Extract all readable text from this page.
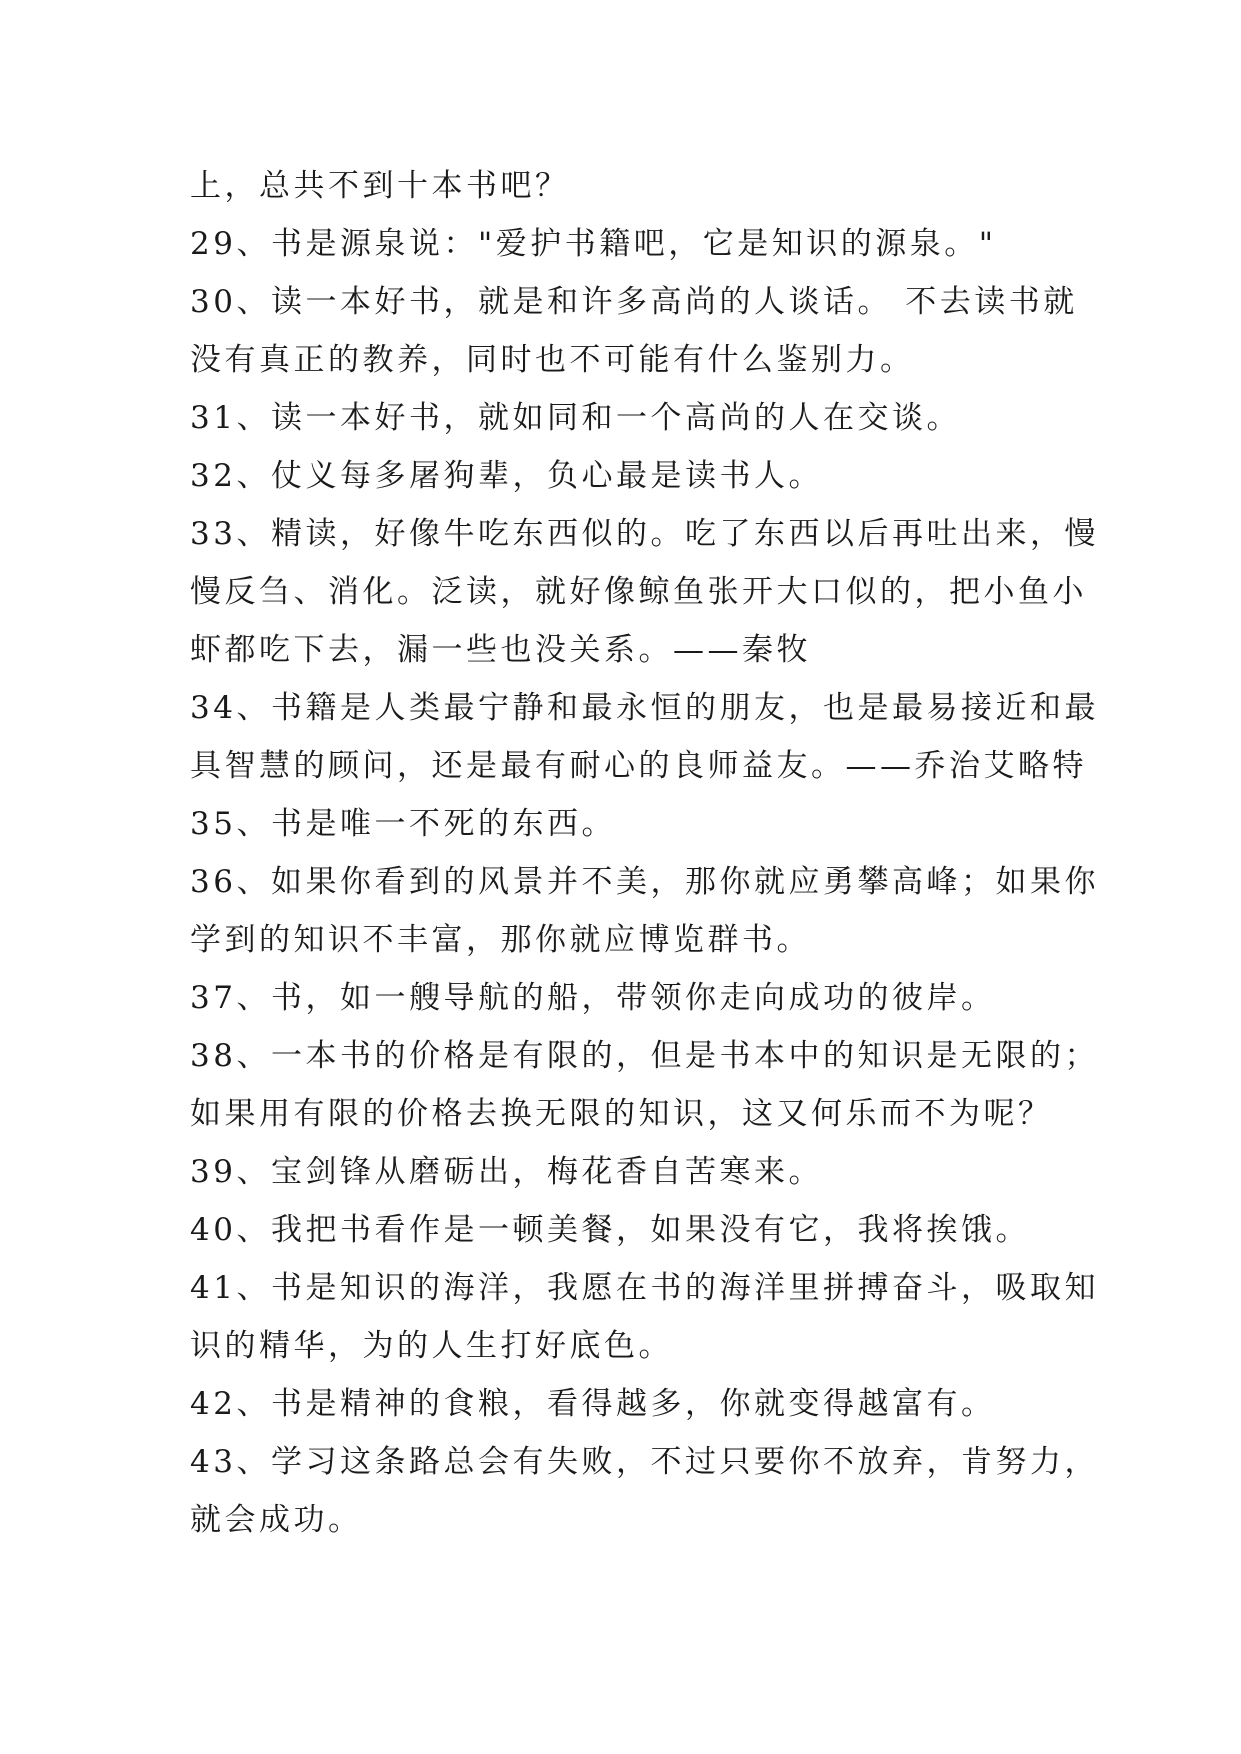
上，总共不到十本书吧？
29、书是源泉说："爱护书籍吧，它是知识的源泉。"
30、读一本好书，就是和许多高尚的人谈话。 不去读书就
没有真正的教养，同时也不可能有什么鉴别力。
31、读一本好书，就如同和一个高尚的人在交谈。
32、仗义每多屠狗辈，负心最是读书人。
33、精读，好像牛吃东西似的。吃了东西以后再吐出来，慢
慢反刍、消化。泛读，就好像鲸鱼张开大口似的，把小鱼小
虾都吃下去，漏一些也没关系。——秦牧
34、书籍是人类最宁静和最永恒的朋友，也是最易接近和最
具智慧的顾问，还是最有耐心的良师益友。——乔治艾略特
35、书是唯一不死的东西。
36、如果你看到的风景并不美，那你就应勇攀高峰；如果你
学到的知识不丰富，那你就应博览群书。
37、书，如一艘导航的船，带领你走向成功的彼岸。
38、一本书的价格是有限的，但是书本中的知识是无限的；
如果用有限的价格去换无限的知识，这又何乐而不为呢？
39、宝剑锋从磨砺出，梅花香自苦寒来。
40、我把书看作是一顿美餐，如果没有它，我将挨饿。
41、书是知识的海洋，我愿在书的海洋里拼搏奋斗，吸取知
识的精华，为的人生打好底色。
42、书是精神的食粮，看得越多，你就变得越富有。
43、学习这条路总会有失败，不过只要你不放弃，肯努力，
就会成功。
